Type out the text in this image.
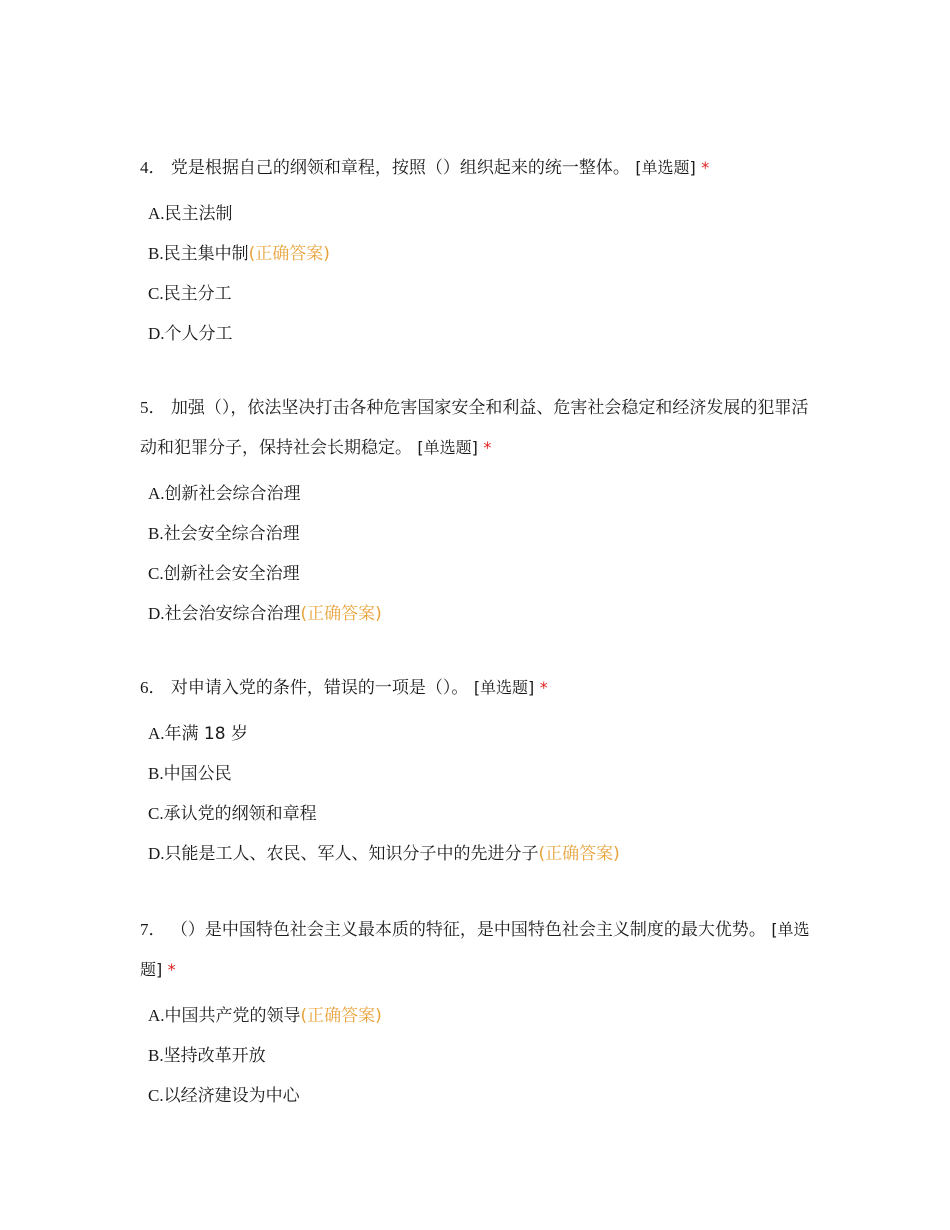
4． 党是根据自己的纲领和章程，按照（）组织起来的统一整体。 [单选题] *

A.民主法制
B.民主集中制(正确答案)
C.民主分工
D.个人分工

5． 加强（），依法坚决打击各种危害国家安全和利益、危害社会稳定和经济发展的犯罪活动和犯罪分子，保持社会长期稳定。 [单选题] *

A.创新社会综合治理
B.社会安全综合治理
C.创新社会安全治理
D.社会治安综合治理(正确答案)

6． 对申请入党的条件，错误的一项是（）。 [单选题] *

A.年满 18 岁
B.中国公民
C.承认党的纲领和章程
D.只能是工人、农民、军人、知识分子中的先进分子(正确答案)

7． （）是中国特色社会主义最本质的特征，是中国特色社会主义制度的最大优势。 [单选题] *

A.中国共产党的领导(正确答案)
B.坚持改革开放
C.以经济建设为中心
